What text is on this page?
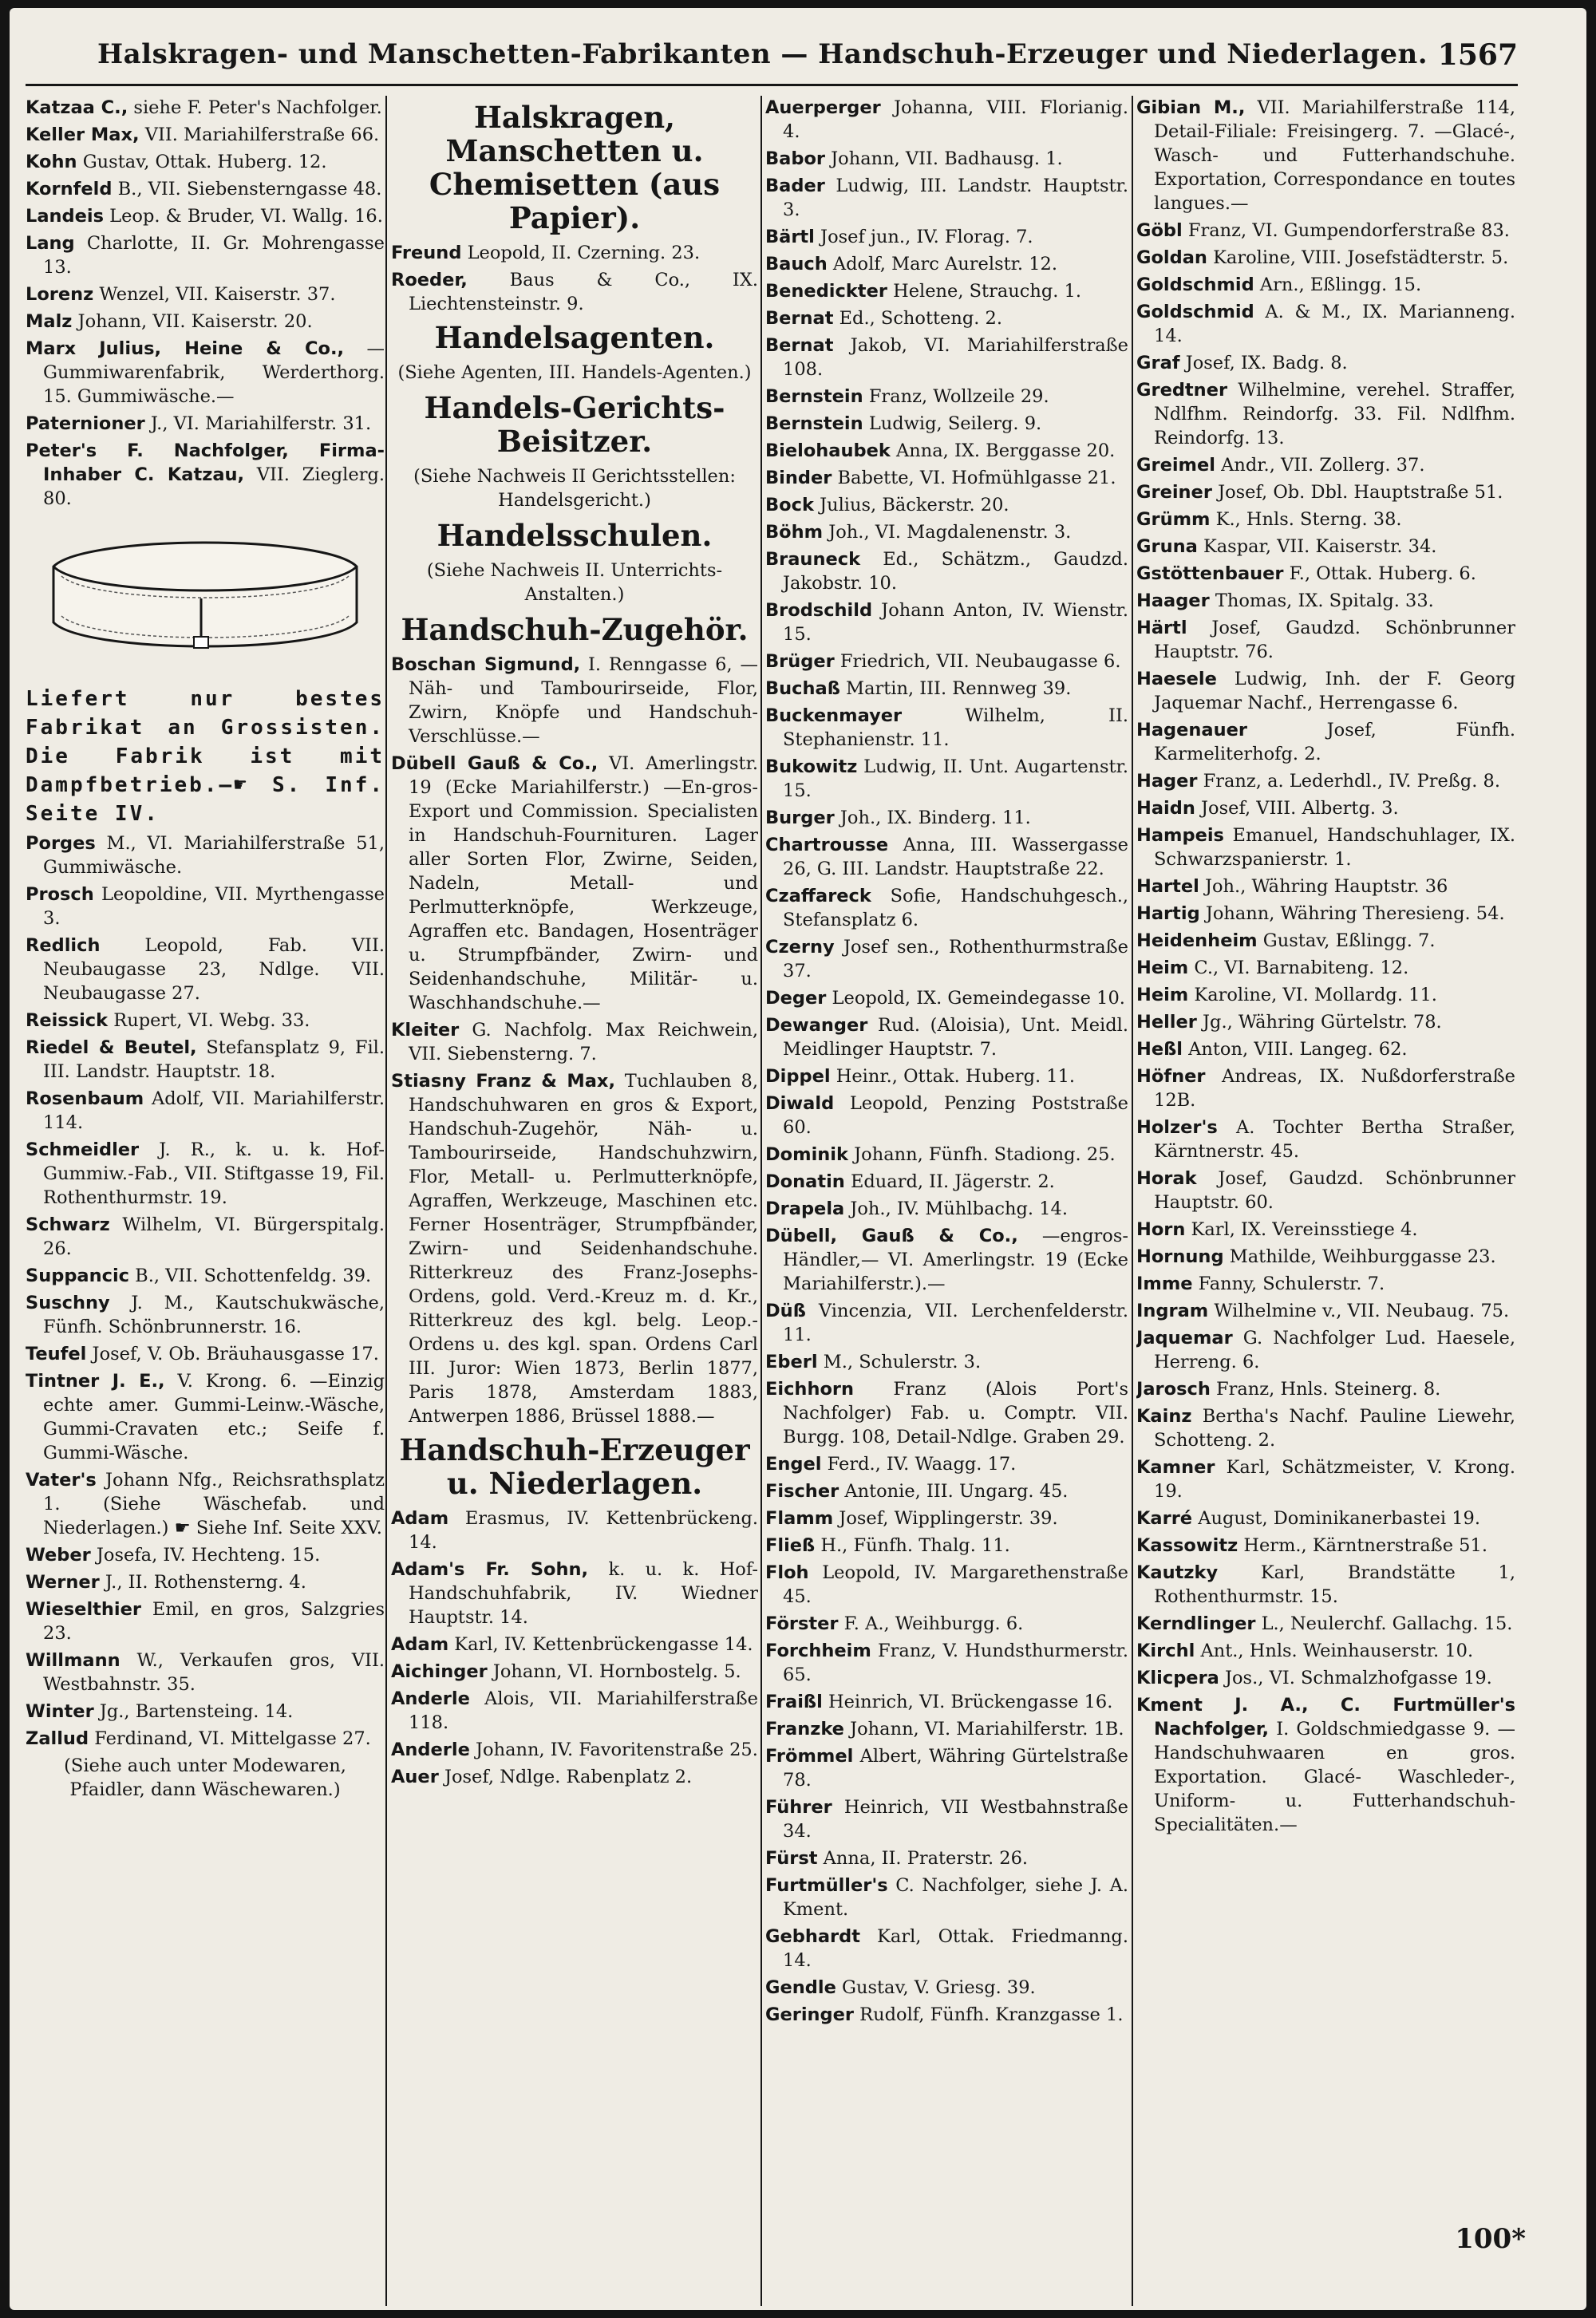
Halskragen- und Manschetten-Fabrikanten — Handschuh-Erzeuger und Niederlagen. 1567
Katzaa C., siehe F. Peter's Nachfolger.
Keller Max, VII. Mariahilferstraße 66.
Kohn Gustav, Ottak. Huberg. 12.
Kornfeld B., VII. Siebensterngasse 48.
Landeis Leop. & Bruder, VI. Wallg. 16.
Lang Charlotte, II. Gr. Mohrengasse 13.
Lorenz Wenzel, VII. Kaiserstr. 37.
Malz Johann, VII. Kaiserstr. 20.
Marx Julius, Heine & Co., —Gummiwarenfabrik, Werderthorg. 15. Gummiwäsche.—
Paternioner J., VI. Mariahilferstr. 31.
Peter's F. Nachfolger, Firma-Inhaber C. Katzau, VII. Zieglerg. 80.
Liefert nur bestes Fabrikat an Grossisten. Die Fabrik ist mit Dampfbetrieb.—☛ S. Inf. Seite IV.
Porges M., VI. Mariahilferstraße 51, Gummiwäsche.
Prosch Leopoldine, VII. Myrthengasse 3.
Redlich Leopold, Fab. VII. Neubaugasse 23, Ndlge. VII. Neubaugasse 27.
Reissick Rupert, VI. Webg. 33.
Riedel & Beutel, Stefansplatz 9, Fil. III. Landstr. Hauptstr. 18.
Rosenbaum Adolf, VII. Mariahilferstr. 114.
Schmeidler J. R., k. u. k. Hof-Gummiw.-Fab., VII. Stiftgasse 19, Fil. Rothenthurmstr. 19.
Schwarz Wilhelm, VI. Bürgerspitalg. 26.
Suppancic B., VII. Schottenfeldg. 39.
Suschny J. M., Kautschukwäsche, Fünfh. Schönbrunnerstr. 16.
Teufel Josef, V. Ob. Bräuhausgasse 17.
Tintner J. E., V. Krong. 6. —Einzig echte amer. Gummi-Leinw.-Wäsche, Gummi-Cravaten etc.; Seife f. Gummi-Wäsche.
Vater's Johann Nfg., Reichsrathsplatz 1. (Siehe Wäschefab. und Niederlagen.) ☛ Siehe Inf. Seite XXV.
Weber Josefa, IV. Hechteng. 15.
Werner J., II. Rothensterng. 4.
Wieselthier Emil, en gros, Salzgries 23.
Willmann W., Verkaufen gros, VII. Westbahnstr. 35.
Winter Jg., Bartensteing. 14.
Zallud Ferdinand, VI. Mittelgasse 27.
(Siehe auch unter Modewaren, Pfaidler, dann Wäschewaren.)
Halskragen, Manschetten u. Chemisetten (aus Papier).
Freund Leopold, II. Czerning. 23.
Roeder, Baus & Co., IX. Liechtensteinstr. 9.
Handelsagenten.
(Siehe Agenten, III. Handels-Agenten.)
Handels-Gerichts-Beisitzer.
(Siehe Nachweis II Gerichtsstellen: Handelsgericht.)
Handelsschulen.
(Siehe Nachweis II. Unterrichts-Anstalten.)
Handschuh-Zugehör.
Boschan Sigmund, I. Renngasse 6, —Näh- und Tambourirseide, Flor, Zwirn, Knöpfe und Handschuh-Verschlüsse.—
Dübell Gauß & Co., VI. Amerlingstr. 19 (Ecke Mariahilferstr.) —En-gros-Export und Commission. Specialisten in Handschuh-Fournituren. Lager aller Sorten Flor, Zwirne, Seiden, Nadeln, Metall- und Perlmutterknöpfe, Werkzeuge, Agraffen etc. Bandagen, Hosenträger u. Strumpfbänder, Zwirn- und Seidenhandschuhe, Militär- u. Waschhandschuhe.—
Kleiter G. Nachfolg. Max Reichwein, VII. Siebensterng. 7.
Stiasny Franz & Max, Tuchlauben 8, Handschuhwaren en gros & Export, Handschuh-Zugehör, Näh- u. Tambourirseide, Handschuhzwirn, Flor, Metall- u. Perlmutterknöpfe, Agraffen, Werkzeuge, Maschinen etc. Ferner Hosenträger, Strumpfbänder, Zwirn- und Seidenhandschuhe. Ritterkreuz des Franz-Josephs-Ordens, gold. Verd.-Kreuz m. d. Kr., Ritterkreuz des kgl. belg. Leop.-Ordens u. des kgl. span. Ordens Carl III. Juror: Wien 1873, Berlin 1877, Paris 1878, Amsterdam 1883, Antwerpen 1886, Brüssel 1888.—
Handschuh-Erzeuger u. Niederlagen.
Adam Erasmus, IV. Kettenbrückeng. 14.
Adam's Fr. Sohn, k. u. k. Hof-Handschuhfabrik, IV. Wiedner Hauptstr. 14.
Adam Karl, IV. Kettenbrückengasse 14.
Aichinger Johann, VI. Hornbostelg. 5.
Anderle Alois, VII. Mariahilferstraße 118.
Anderle Johann, IV. Favoritenstraße 25.
Auer Josef, Ndlge. Rabenplatz 2.
Auerperger Johanna, VIII. Florianig. 4.
Babor Johann, VII. Badhausg. 1.
Bader Ludwig, III. Landstr. Hauptstr. 3.
Bärtl Josef jun., IV. Florag. 7.
Bauch Adolf, Marc Aurelstr. 12.
Benedickter Helene, Strauchg. 1.
Bernat Ed., Schotteng. 2.
Bernat Jakob, VI. Mariahilferstraße 108.
Bernstein Franz, Wollzeile 29.
Bernstein Ludwig, Seilerg. 9.
Bielohaubek Anna, IX. Berggasse 20.
Binder Babette, VI. Hofmühlgasse 21.
Bock Julius, Bäckerstr. 20.
Böhm Joh., VI. Magdalenenstr. 3.
Brauneck Ed., Schätzm., Gaudzd. Jakobstr. 10.
Brodschild Johann Anton, IV. Wienstr. 15.
Brüger Friedrich, VII. Neubaugasse 6.
Buchaß Martin, III. Rennweg 39.
Buckenmayer Wilhelm, II. Stephanienstr. 11.
Bukowitz Ludwig, II. Unt. Augartenstr. 15.
Burger Joh., IX. Binderg. 11.
Chartrousse Anna, III. Wassergasse 26, G. III. Landstr. Hauptstraße 22.
Czaffareck Sofie, Handschuhgesch., Stefansplatz 6.
Czerny Josef sen., Rothenthurmstraße 37.
Deger Leopold, IX. Gemeindegasse 10.
Dewanger Rud. (Aloisia), Unt. Meidl. Meidlinger Hauptstr. 7.
Dippel Heinr., Ottak. Huberg. 11.
Diwald Leopold, Penzing Poststraße 60.
Dominik Johann, Fünfh. Stadiong. 25.
Donatin Eduard, II. Jägerstr. 2.
Drapela Joh., IV. Mühlbachg. 14.
Dübell, Gauß & Co., —engros-Händler,— VI. Amerlingstr. 19 (Ecke Mariahilferstr.).—
Düß Vincenzia, VII. Lerchenfelderstr. 11.
Eberl M., Schulerstr. 3.
Eichhorn Franz (Alois Port's Nachfolger) Fab. u. Comptr. VII. Burgg. 108, Detail-Ndlge. Graben 29.
Engel Ferd., IV. Waagg. 17.
Fischer Antonie, III. Ungarg. 45.
Flamm Josef, Wipplingerstr. 39.
Fließ H., Fünfh. Thalg. 11.
Floh Leopold, IV. Margarethenstraße 45.
Förster F. A., Weihburgg. 6.
Forchheim Franz, V. Hundsthurmerstr. 65.
Fraißl Heinrich, VI. Brückengasse 16.
Franzke Johann, VI. Mariahilferstr. 1B.
Frömmel Albert, Währing Gürtelstraße 78.
Führer Heinrich, VII Westbahnstraße 34.
Fürst Anna, II. Praterstr. 26.
Furtmüller's C. Nachfolger, siehe J. A. Kment.
Gebhardt Karl, Ottak. Friedmanng. 14.
Gendle Gustav, V. Griesg. 39.
Geringer Rudolf, Fünfh. Kranzgasse 1.
Gibian M., VII. Mariahilferstraße 114, Detail-Filiale: Freisingerg. 7. —Glacé-, Wasch- und Futterhandschuhe. Exportation, Correspondance en toutes langues.—
Göbl Franz, VI. Gumpendorferstraße 83.
Goldan Karoline, VIII. Josefstädterstr. 5.
Goldschmid Arn., Eßlingg. 15.
Goldschmid A. & M., IX. Marianneng. 14.
Graf Josef, IX. Badg. 8.
Gredtner Wilhelmine, verehel. Straffer, Ndlfhm. Reindorfg. 33. Fil. Ndlfhm. Reindorfg. 13.
Greimel Andr., VII. Zollerg. 37.
Greiner Josef, Ob. Dbl. Hauptstraße 51.
Grümm K., Hnls. Sterng. 38.
Gruna Kaspar, VII. Kaiserstr. 34.
Gstöttenbauer F., Ottak. Huberg. 6.
Haager Thomas, IX. Spitalg. 33.
Härtl Josef, Gaudzd. Schönbrunner Hauptstr. 76.
Haesele Ludwig, Inh. der F. Georg Jaquemar Nachf., Herrengasse 6.
Hagenauer Josef, Fünfh. Karmeliterhofg. 2.
Hager Franz, a. Lederhdl., IV. Preßg. 8.
Haidn Josef, VIII. Albertg. 3.
Hampeis Emanuel, Handschuhlager, IX. Schwarzspanierstr. 1.
Hartel Joh., Währing Hauptstr. 36
Hartig Johann, Währing Theresieng. 54.
Heidenheim Gustav, Eßlingg. 7.
Heim C., VI. Barnabiteng. 12.
Heim Karoline, VI. Mollardg. 11.
Heller Jg., Währing Gürtelstr. 78.
Heßl Anton, VIII. Langeg. 62.
Höfner Andreas, IX. Nußdorferstraße 12B.
Holzer's A. Tochter Bertha Straßer, Kärntnerstr. 45.
Horak Josef, Gaudzd. Schönbrunner Hauptstr. 60.
Horn Karl, IX. Vereinsstiege 4.
Hornung Mathilde, Weihburggasse 23.
Imme Fanny, Schulerstr. 7.
Ingram Wilhelmine v., VII. Neubaug. 75.
Jaquemar G. Nachfolger Lud. Haesele, Herreng. 6.
Jarosch Franz, Hnls. Steinerg. 8.
Kainz Bertha's Nachf. Pauline Liewehr, Schotteng. 2.
Kamner Karl, Schätzmeister, V. Krong. 19.
Karré August, Dominikanerbastei 19.
Kassowitz Herm., Kärntnerstraße 51.
Kautzky Karl, Brandstätte 1, Rothenthurmstr. 15.
Kerndlinger L., Neulerchf. Gallachg. 15.
Kirchl Ant., Hnls. Weinhauserstr. 10.
Klicpera Jos., VI. Schmalzhofgasse 19.
Kment J. A., C. Furtmüller's Nachfolger, I. Goldschmiedgasse 9. —Handschuhwaaren en gros. Exportation. Glacé- Waschleder-, Uniform- u. Futterhandschuh-Specialitäten.—
100*
